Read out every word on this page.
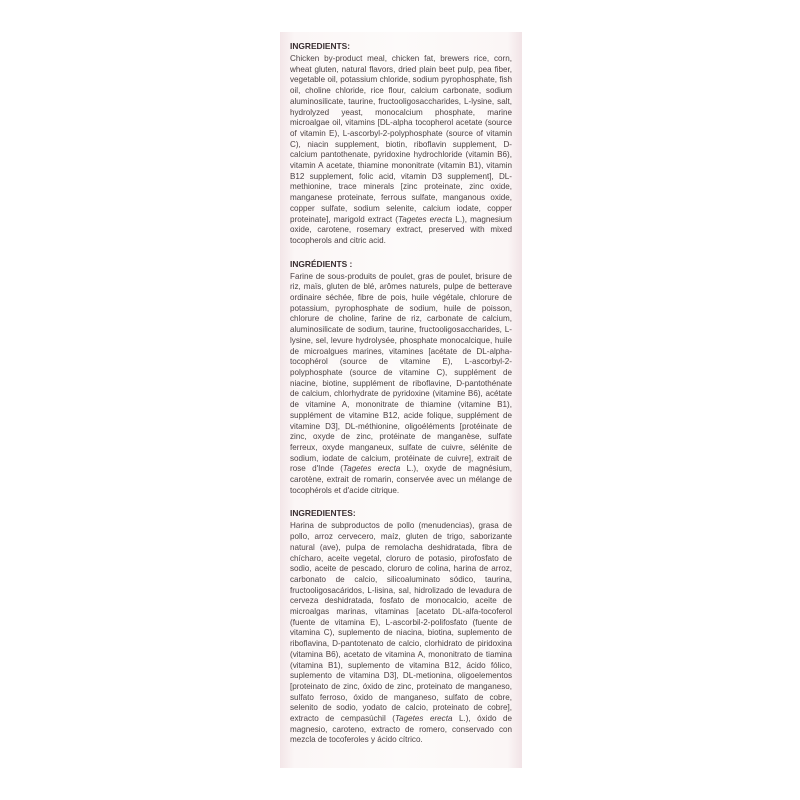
INGREDIENTS:

Chicken by-product meal, chicken fat, brewers rice, corn, wheat gluten, natural flavors, dried plain beet pulp, pea fiber, vegetable oil, potassium chloride, sodium pyrophosphate, fish oil, choline chloride, rice flour, calcium carbonate, sodium aluminosilicate, taurine, fructooligosaccharides, L-lysine, salt, hydrolyzed yeast, monocalcium phosphate, marine microalgae oil, vitamins [DL-alpha tocopherol acetate (source of vitamin E), L-ascorbyl-2-polyphosphate (source of vitamin C), niacin supplement, biotin, riboflavin supplement, D-calcium pantothenate, pyridoxine hydrochloride (vitamin B6), vitamin A acetate, thiamine mononitrate (vitamin B1), vitamin B12 supplement, folic acid, vitamin D3 supplement], DL-methionine, trace minerals [zinc proteinate, zinc oxide, manganese proteinate, ferrous sulfate, manganous oxide, copper sulfate, sodium selenite, calcium iodate, copper proteinate], marigold extract (Tagetes erecta L.), magnesium oxide, carotene, rosemary extract, preserved with mixed tocopherols and citric acid.

INGRÉDIENTS :

Farine de sous-produits de poulet, gras de poulet, brisure de riz, maïs, gluten de blé, arômes naturels, pulpe de betterave ordinaire séchée, fibre de pois, huile végétale, chlorure de potassium, pyrophosphate de sodium, huile de poisson, chlorure de choline, farine de riz, carbonate de calcium, aluminosilicate de sodium, taurine, fructooligosaccharides, L-lysine, sel, levure hydrolysée, phosphate monocalcique, huile de microalgues marines, vitamines [acétate de DL-alpha-tocophérol (source de vitamine E), L-ascorbyl-2-polyphosphate (source de vitamine C), supplément de niacine, biotine, supplément de riboflavine, D-pantothénate de calcium, chlorhydrate de pyridoxine (vitamine B6), acétate de vitamine A, mononitrate de thiamine (vitamine B1), supplément de vitamine B12, acide folique, supplément de vitamine D3], DL-méthionine, oligoéléments [protéinate de zinc, oxyde de zinc, protéinate de manganèse, sulfate ferreux, oxyde manganeux, sulfate de cuivre, sélénite de sodium, iodate de calcium, protéinate de cuivre], extrait de rose d'Inde (Tagetes erecta L.), oxyde de magnésium, carotène, extrait de romarin, conservée avec un mélange de tocophérols et d'acide citrique.

INGREDIENTES:

Harina de subproductos de pollo (menudencias), grasa de pollo, arroz cervecero, maíz, gluten de trigo, saborizante natural (ave), pulpa de remolacha deshidratada, fibra de chícharo, aceite vegetal, cloruro de potasio, pirofosfato de sodio, aceite de pescado, cloruro de colina, harina de arroz, carbonato de calcio, silicoaluminato sódico, taurina, fructooligosacáridos, L-lisina, sal, hidrolizado de levadura de cerveza deshidratada, fosfato de monocalcio, aceite de microalgas marinas, vitaminas [acetato DL-alfa-tocoferol (fuente de vitamina E), L-ascorbil-2-polifosfato (fuente de vitamina C), suplemento de niacina, biotina, suplemento de riboflavina, D-pantotenato de calcio, clorhidrato de piridoxina (vitamina B6), acetato de vitamina A, mononitrato de tiamina (vitamina B1), suplemento de vitamina B12, ácido fólico, suplemento de vitamina D3], DL-metionina, oligoelementos [proteinato de zinc, óxido de zinc, proteinato de manganeso, sulfato ferroso, óxido de manganeso, sulfato de cobre, selenito de sodio, yodato de calcio, proteinato de cobre], extracto de cempasúchil (Tagetes erecta L.), óxido de magnesio, caroteno, extracto de romero, conservado con mezcla de tocoferoles y ácido cítrico.
